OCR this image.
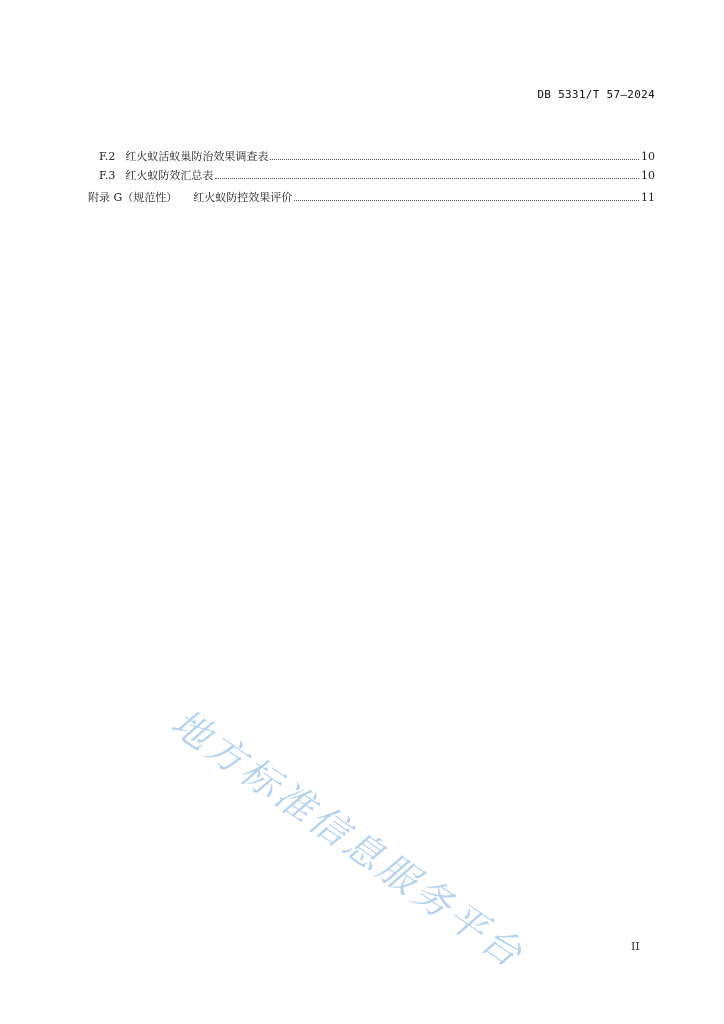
DB 5331/T 57—2024
F.2 红火蚁活蚁巢防治效果调查表	10
F.3 红火蚁防效汇总表	10
附录 G（规范性） 红火蚁防控效果评价	11
地方标准信息服务平台	II
